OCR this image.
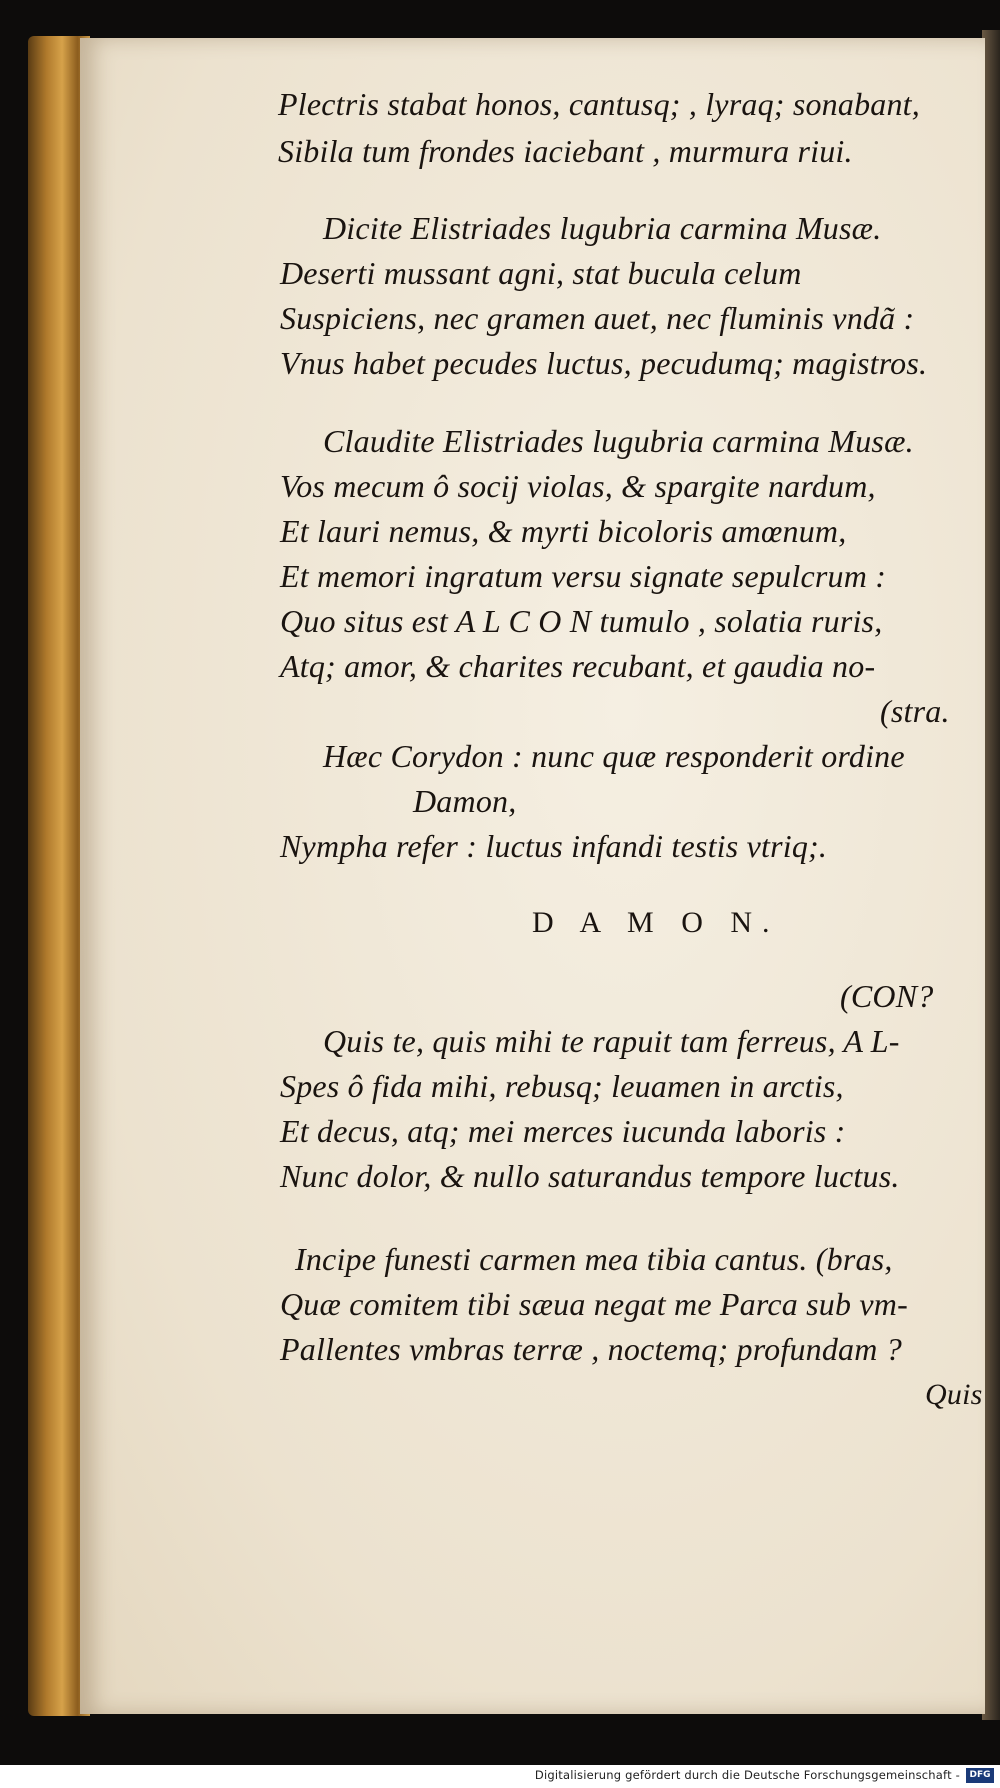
Plectris stabat honos, cantusq; , lyraq; sonabant,
Sibila tum frondes iaciebant , murmura riui.
Dicite Elistriades lugubria carmina Musæ.
Deserti mussant agni, stat bucula celum
Suspiciens, nec gramen auet, nec fluminis vndã :
Vnus habet pecudes luctus, pecudumq; magistros.
Claudite Elistriades lugubria carmina Musæ.
Vos mecum ô socij violas, & spargite nardum,
Et lauri nemus, & myrti bicoloris amœnum,
Et memori ingratum versu signate sepulcrum :
Quo situs est A L C O N tumulo , solatia ruris,
Atq; amor, & charites recubant, et gaudia no-
(stra.
Hæc Corydon : nunc quæ responderit ordine
Damon,
Nympha refer : luctus infandi testis vtriq;.
D A M O N.
(CON?
Quis te, quis mihi te rapuit tam ferreus, A L-
Spes ô fida mihi, rebusq; leuamen in arctis,
Et decus, atq; mei merces iucunda laboris :
Nunc dolor, & nullo saturandus tempore luctus.
Incipe funesti carmen mea tibia cantus. (bras,
Quæ comitem tibi sæua negat me Parca sub vm-
Pallentes vmbras terræ , noctemq; profundam ?
Quis
Digitalisierung gefördert durch die Deutsche Forschungsgemeinschaft -	DFG
